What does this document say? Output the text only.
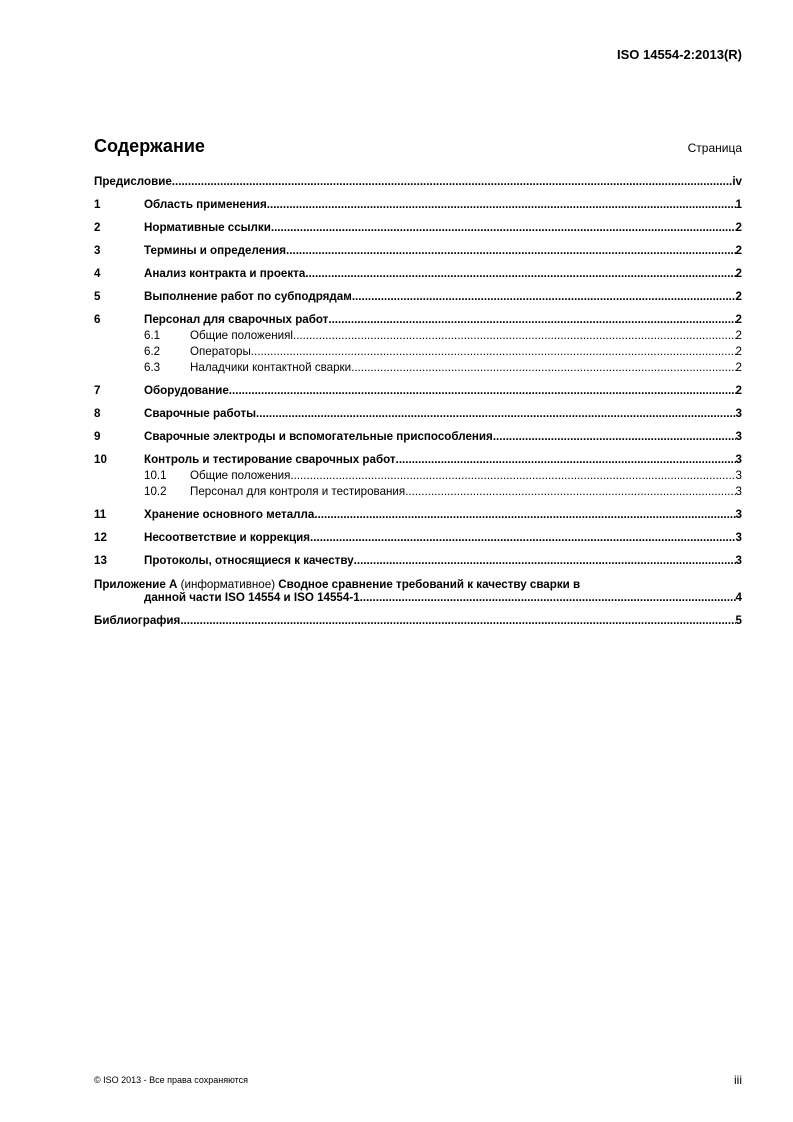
ISO 14554-2:2013(R)
Содержание	Страница
Предисловие .....	iv
1	Область применения .....	1
2	Нормативные ссылки .....	2
3	Термины и определения .....	2
4	Анализ контракта и проекта .....	2
5	Выполнение работ по субподрядам .....	2
6	Персонал для сварочных работ .....	2
6.1	Общие положенияl .....	2
6.2	Операторы .....	2
6.3	Наладчики контактной сварки .....	2
7	Оборудование .....	2
8	Сварочные работы .....	3
9	Сварочные электроды и вспомогательные приспособления .....	3
10	Контроль и тестирование сварочных работ .....	3
10.1	Общие положения .....	3
10.2	Персонал для контроля и тестирования .....	3
11	Хранение основного металла .....	3
12	Несоответствие и коррекция .....	3
13	Протоколы, относящиеся к качеству .....	3
Приложение А (информативное) Сводное сравнение требований к качеству сварки в
данной части ISO 14554 и ISO 14554-1 .....	4
Библиография .....	5
© ISO 2013 - Все права сохраняются	iii
